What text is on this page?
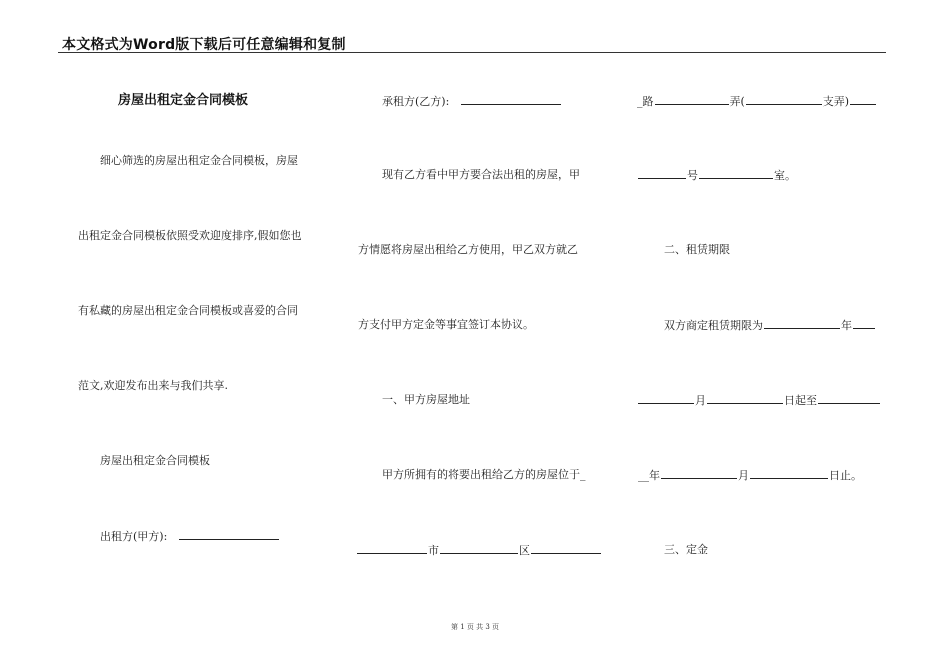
本文格式为Word版下载后可任意编辑和复制
房屋出租定金合同模板
细心筛选的房屋出租定金合同模板，房屋
出租定金合同模板依照受欢迎度排序,假如您也
有私藏的房屋出租定金合同模板或喜爱的合同
范文,欢迎发布出来与我们共享.
房屋出租定金合同模板
出租方(甲方):
承租方(乙方):
现有乙方看中甲方要合法出租的房屋，甲
方情愿将房屋出租给乙方使用，甲乙双方就乙
方支付甲方定金等事宜签订本协议。
一、甲方房屋地址
甲方所拥有的将要出租给乙方的房屋位于_
市	区
_路	弄(	支弄)
号	室。
二、租赁期限
双方商定租赁期限为	年
月	日起至
__年	月	日止。
三、定金
第 1 页 共 3 页
